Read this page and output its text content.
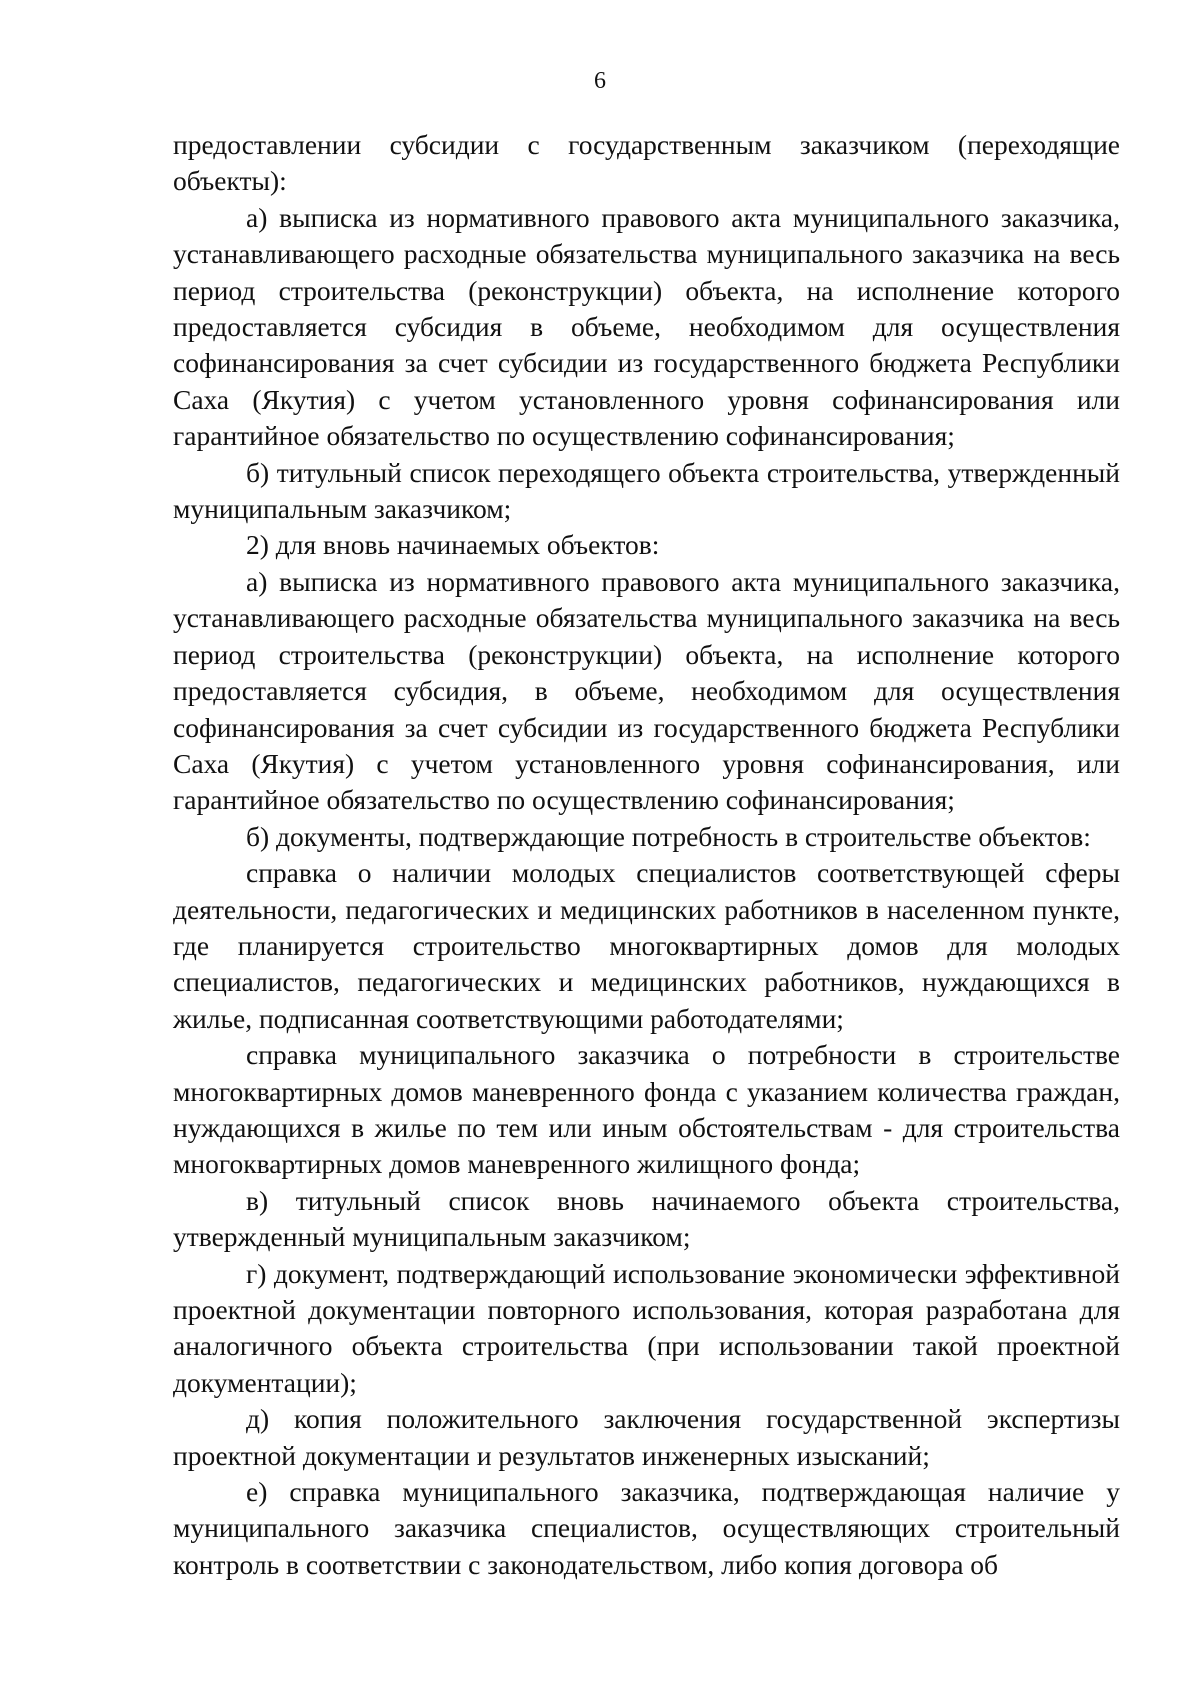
6

предоставлении субсидии с государственным заказчиком (переходящие объекты):

а) выписка из нормативного правового акта муниципального заказчика, устанавливающего расходные обязательства муниципального заказчика на весь период строительства (реконструкции) объекта, на исполнение которого предоставляется субсидия в объеме, необходимом для осуществления софинансирования за счет субсидии из государственного бюджета Республики Саха (Якутия) с учетом установленного уровня софинансирования или гарантийное обязательство по осуществлению софинансирования;

б) титульный список переходящего объекта строительства, утвержденный муниципальным заказчиком;

2) для вновь начинаемых объектов:

а) выписка из нормативного правового акта муниципального заказчика, устанавливающего расходные обязательства муниципального заказчика на весь период строительства (реконструкции) объекта, на исполнение которого предоставляется субсидия, в объеме, необходимом для осуществления софинансирования за счет субсидии из государственного бюджета Республики Саха (Якутия) с учетом установленного уровня софинансирования, или гарантийное обязательство по осуществлению софинансирования;

б) документы, подтверждающие потребность в строительстве объектов:

справка о наличии молодых специалистов соответствующей сферы деятельности, педагогических и медицинских работников в населенном пункте, где планируется строительство многоквартирных домов для молодых специалистов, педагогических и медицинских работников, нуждающихся в жилье, подписанная соответствующими работодателями;

справка муниципального заказчика о потребности в строительстве многоквартирных домов маневренного фонда с указанием количества граждан, нуждающихся в жилье по тем или иным обстоятельствам - для строительства многоквартирных домов маневренного жилищного фонда;

в) титульный список вновь начинаемого объекта строительства, утвержденный муниципальным заказчиком;

г) документ, подтверждающий использование экономически эффективной проектной документации повторного использования, которая разработана для аналогичного объекта строительства (при использовании такой проектной документации);

д) копия положительного заключения государственной экспертизы проектной документации и результатов инженерных изысканий;

е) справка муниципального заказчика, подтверждающая наличие у муниципального заказчика специалистов, осуществляющих строительный контроль в соответствии с законодательством, либо копия договора об
